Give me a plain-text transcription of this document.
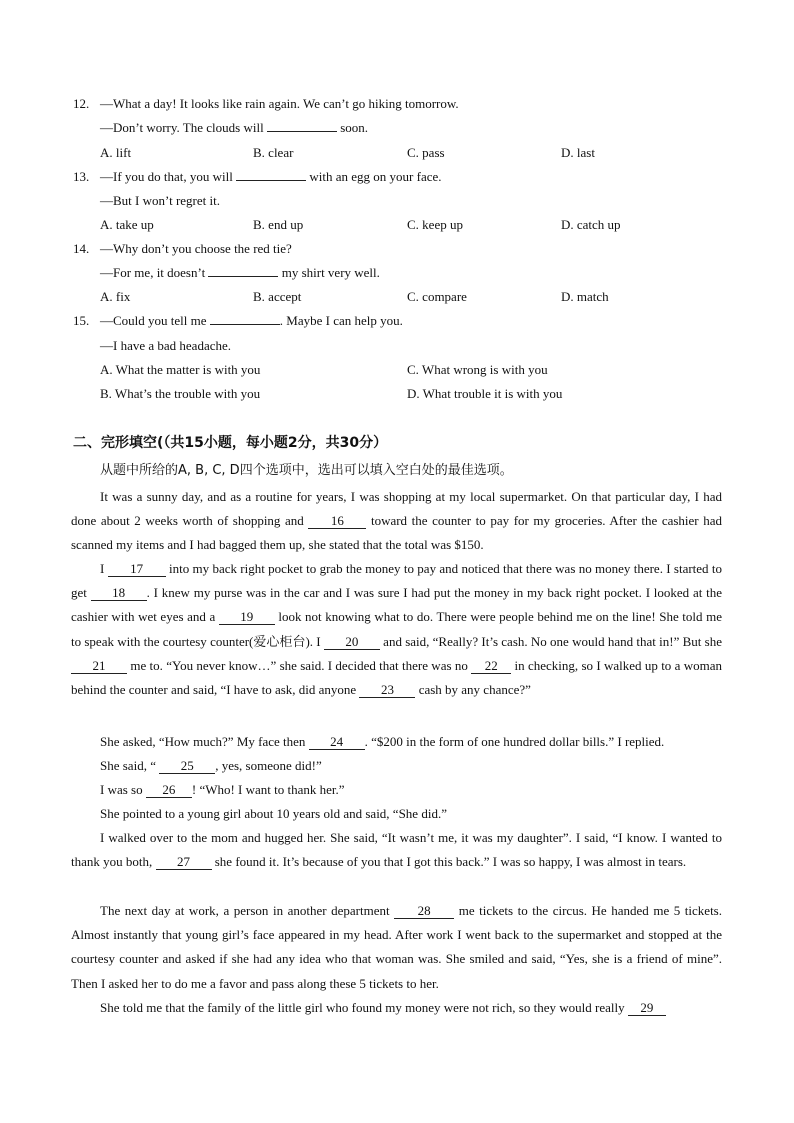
12. —What a day! It looks like rain again. We can’t go hiking tomorrow.
—Don’t worry. The clouds will	soon.
A. lift	B. clear	C. pass	D. last
13. —If you do that, you will	with an egg on your face.
—But I won’t regret it.
A. take up	B. end up	C. keep up	D. catch up
14. —Why don’t you choose the red tie?
—For me, it doesn’t	my shirt very well.
A. fix	B. accept	C. compare	D. match
15. —Could you tell me	. Maybe I can help you.
—I have a bad headache.
A. What the matter is with you	C. What wrong is with you
B. What’s the trouble with you	D. What trouble it is with you
二、完形填空(（共15小题，每小题2分，共30分）
从题中所给的A, B, C, D四个选项中，选出可以填入空白处的最佳选项。
It was a sunny day, and as a routine for years, I was shopping at my local supermarket. On that particular day, I had done about 2 weeks worth of shopping and 16 toward the counter to pay for my groceries. After the cashier had scanned my items and I had bagged them up, she stated that the total was $150.
I 17 into my back right pocket to grab the money to pay and noticed that there was no money there. I started to get 18 . I knew my purse was in the car and I was sure I had put the money in my back right pocket. I looked at the cashier with wet eyes and a 19 look not knowing what to do. There were people behind me on the line! She told me to speak with the courtesy counter(爱心柜台). I 20 and said, “Really? It’s cash. No one would hand that in!” But she 21 me to. “You never know…” she said. I decided that there was no 22 in checking, so I walked up to a woman behind the counter and said, “I have to ask, did anyone 23 cash by any chance?”
She asked, “How much?” My face then 24 . “$200 in the form of one hundred dollar bills.” I replied.
She said, “ 25 , yes, someone did!”
I was so 26 ! “Who! I want to thank her.”
She pointed to a young girl about 10 years old and said, “She did.”
I walked over to the mom and hugged her. She said, “It wasn’t me, it was my daughter”. I said, “I know. I wanted to thank you both, 27 she found it. It’s because of you that I got this back.” I was so happy, I was almost in tears.
The next day at work, a person in another department 28 me tickets to the circus. He handed me 5 tickets. Almost instantly that young girl’s face appeared in my head. After work I went back to the supermarket and stopped at the courtesy counter and asked if she had any idea who that woman was. She smiled and said, “Yes, she is a friend of mine”. Then I asked her to do me a favor and pass along these 5 tickets to her.
She told me that the family of the little girl who found my money were not rich, so they would really 29
